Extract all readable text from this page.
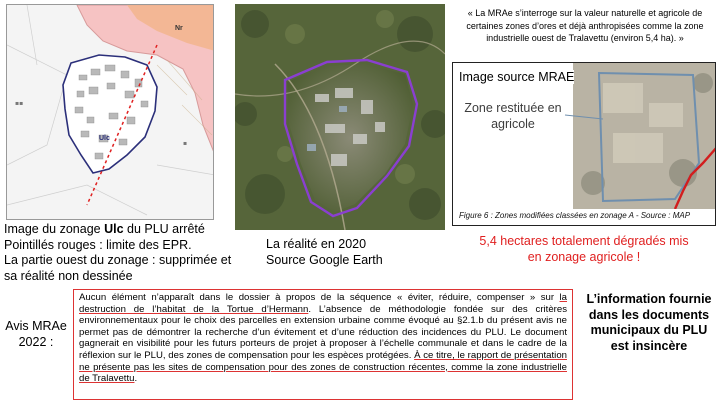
▪▪
▪
Nr
Ulc
Image du zonage Ulc du PLU arrêté
Pointillés rouges : limite des EPR.
La partie ouest du zonage : supprimée et sa réalité non dessinée
La réalité en 2020
Source Google Earth
« La MRAe s’interroge sur la valeur naturelle et agricole de certaines zones d’ores et déjà anthropisées comme la zone industrielle ouest de Tralavettu (environ 5,4 ha). »
Image source MRAE
Zone restituée en agricole
Figure 6 : Zones modifiées classées en zonage A - Source : MAP
5,4 hectares totalement dégradés mis en zonage agricole !
Avis MRAe 2022 :
Aucun élément n’apparaît dans le dossier à propos de la séquence « éviter, réduire, compenser » sur la destruction de l’habitat de la Tortue d’Hermann. L’absence de méthodologie fondée sur des critères environnementaux pour le choix des parcelles en extension urbaine comme évoqué au §2.1.b du présent avis ne permet pas de démontrer la recherche d’un évitement et d’une réduction des incidences du PLU. Le document gagnerait en visibilité pour les futurs porteurs de projet à proposer à l’échelle communale et dans le cadre de la réflexion sur le PLU, des zones de compensation pour les espèces protégées. À ce titre, le rapport de présentation ne présente pas les sites de compensation pour des zones de construction récentes, comme la zone industrielle de Tralavettu.
L’information fournie dans les documents municipaux du PLU est insincère
